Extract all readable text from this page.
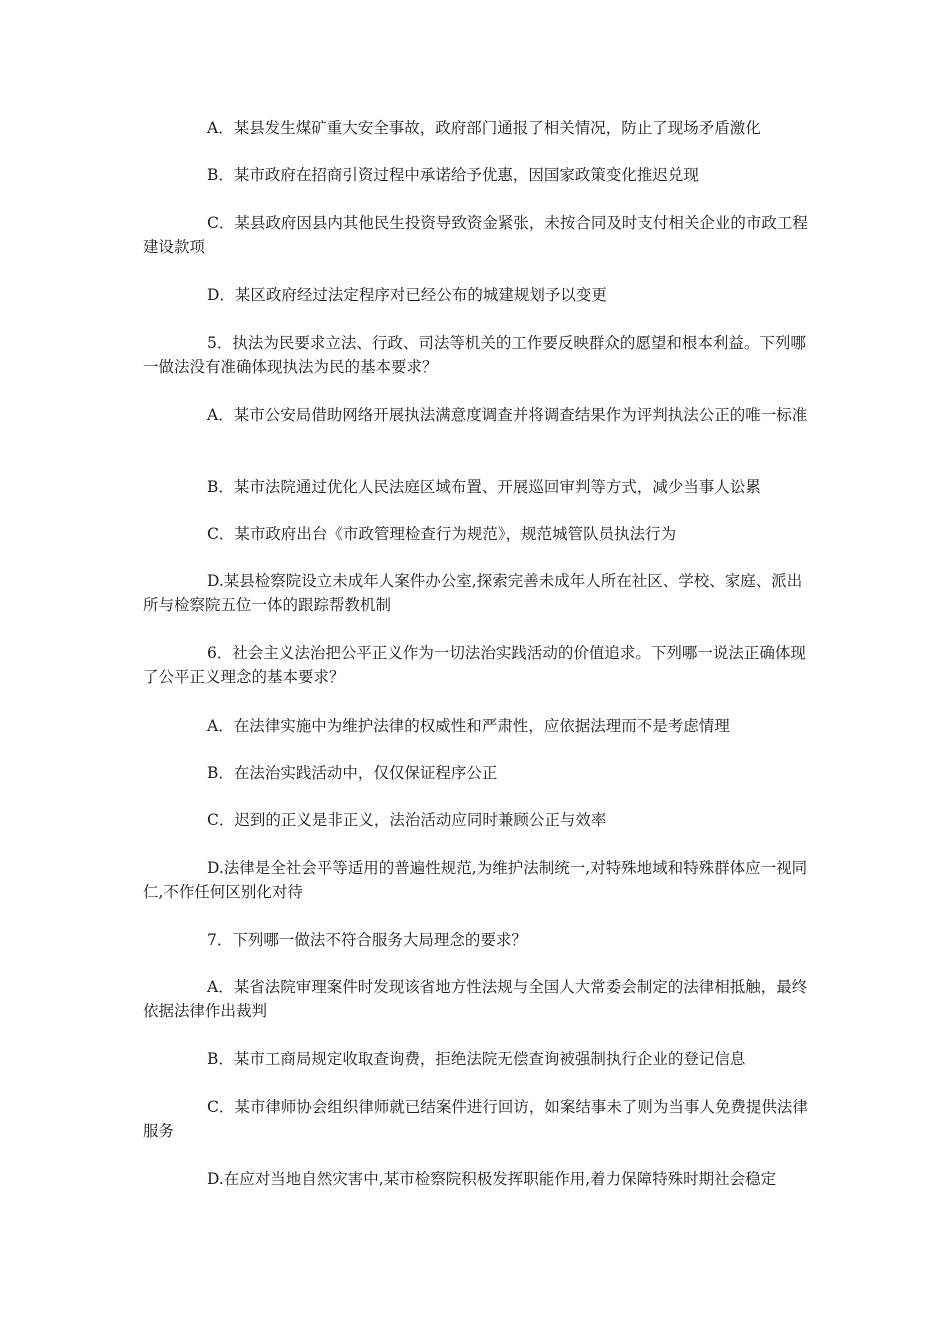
A．某县发生煤矿重大安全事故，政府部门通报了相关情况，防止了现场矛盾激化

B．某市政府在招商引资过程中承诺给予优惠，因国家政策变化推迟兑现

C．某县政府因县内其他民生投资导致资金紧张，未按合同及时支付相关企业的市政工程建设款项

D．某区政府经过法定程序对已经公布的城建规划予以变更

5．执法为民要求立法、行政、司法等机关的工作要反映群众的愿望和根本利益。下列哪一做法没有准确体现执法为民的基本要求？

A．某市公安局借助网络开展执法满意度调查并将调查结果作为评判执法公正的唯一标准

B．某市法院通过优化人民法庭区域布置、开展巡回审判等方式，减少当事人讼累

C．某市政府出台《市政管理检查行为规范》，规范城管队员执法行为

D.某县检察院设立未成年人案件办公室,探索完善未成年人所在社区、学校、家庭、派出所与检察院五位一体的跟踪帮教机制

6．社会主义法治把公平正义作为一切法治实践活动的价值追求。下列哪一说法正确体现了公平正义理念的基本要求？

A．在法律实施中为维护法律的权威性和严肃性，应依据法理而不是考虑情理

B．在法治实践活动中，仅仅保证程序公正

C．迟到的正义是非正义，法治活动应同时兼顾公正与效率

D.法律是全社会平等适用的普遍性规范,为维护法制统一,对特殊地域和特殊群体应一视同仁,不作任何区别化对待

7．下列哪一做法不符合服务大局理念的要求？

A．某省法院审理案件时发现该省地方性法规与全国人大常委会制定的法律相抵触，最终依据法律作出裁判

B．某市工商局规定收取查询费，拒绝法院无偿查询被强制执行企业的登记信息

C．某市律师协会组织律师就已结案件进行回访，如案结事未了则为当事人免费提供法律服务

D.在应对当地自然灾害中,某市检察院积极发挥职能作用,着力保障特殊时期社会稳定
